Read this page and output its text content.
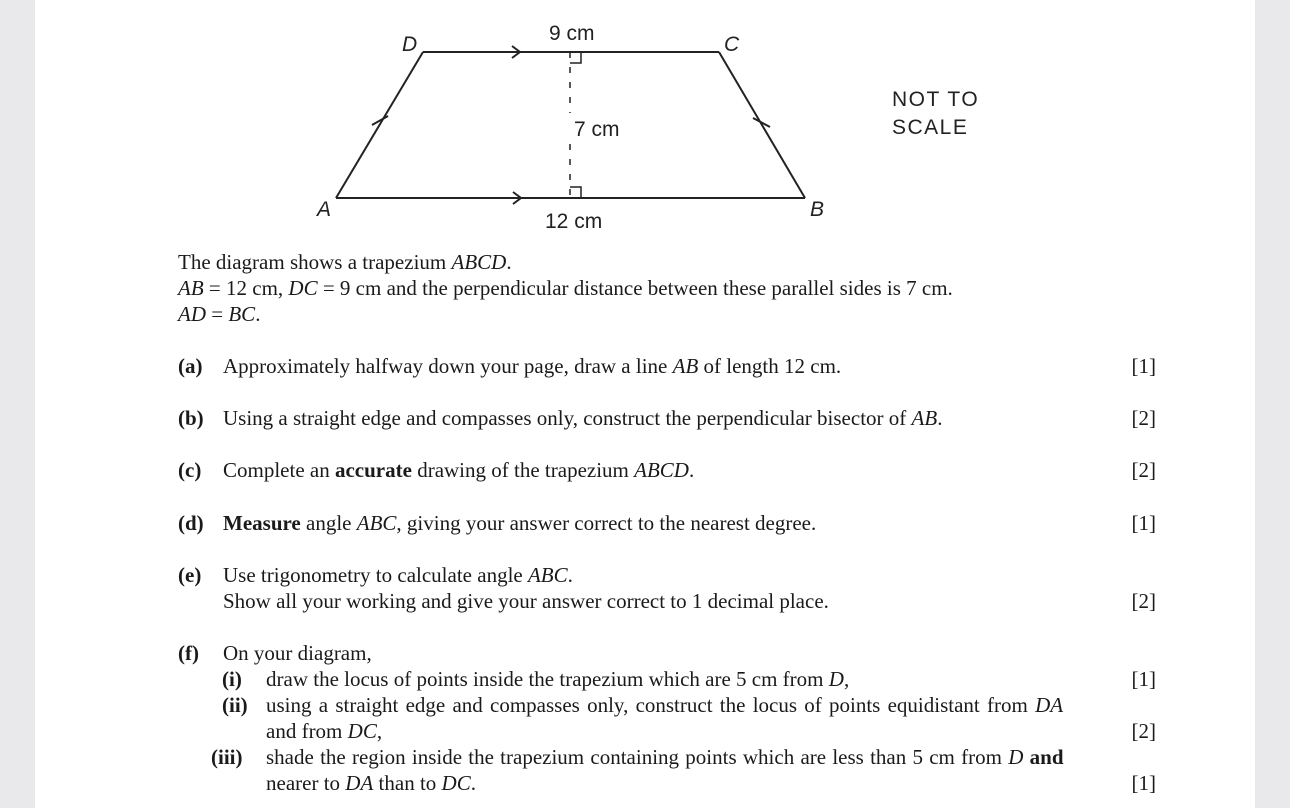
D	C
A	B
9 cm
7 cm
12 cm
NOT TO
SCALE
The diagram shows a trapezium ABCD.
AB = 12 cm, DC = 9 cm and the perpendicular distance between these parallel sides is 7 cm.
AD = BC.
(a) Approximately halfway down your page, draw a line AB of length 12 cm.	[1]
(b) Using a straight edge and compasses only, construct the perpendicular bisector of AB.	[2]
(c) Complete an accurate drawing of the trapezium ABCD.	[2]
(d) Measure angle ABC, giving your answer correct to the nearest degree.	[1]
(e) Use trigonometry to calculate angle ABC.
Show all your working and give your answer correct to 1 decimal place.	[2]
(f) On your diagram,
(i) draw the locus of points inside the trapezium which are 5 cm from D,	[1]
(ii) using a straight edge and compasses only, construct the locus of points equidistant from DA
and from DC,	[2]
(iii) shade the region inside the trapezium containing points which are less than 5 cm from D and
nearer to DA than to DC.	[1]
